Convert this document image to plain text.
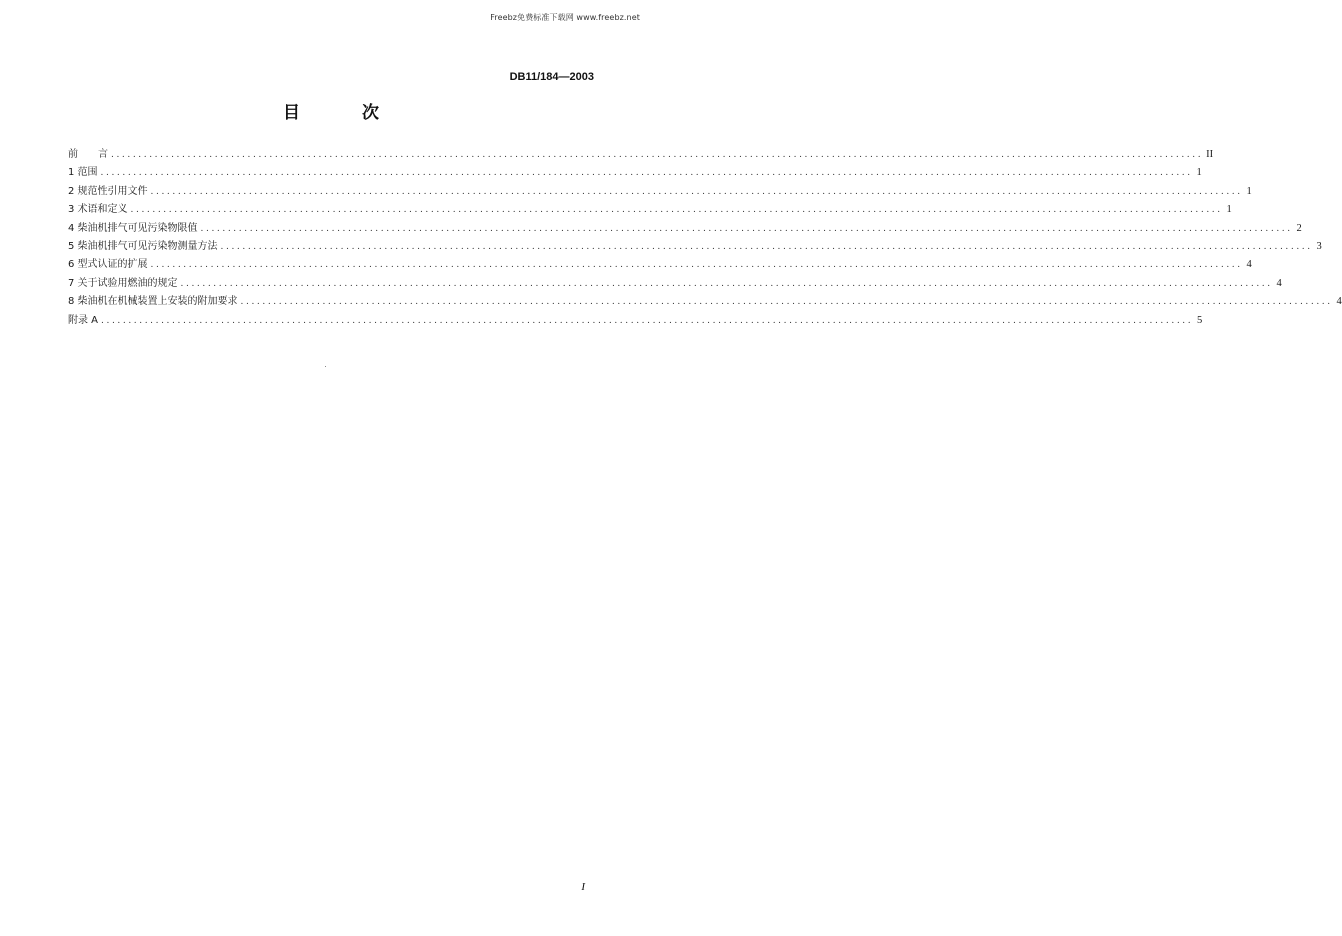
Freebz免费标准下载网 www.freebz.net
DB11/184—2003
目 次
前　　言 ........................................................................................................................................................................................................ II
1 范围 ........................................................................................................................................................................................................ 1
2 规范性引用文件 ........................................................................................................................................................................................................ 1
3 术语和定义 ........................................................................................................................................................................................................ 1
4 柴油机排气可见污染物限值 ........................................................................................................................................................................................................ 2
5 柴油机排气可见污染物测量方法 ........................................................................................................................................................................................................ 3
6 型式认证的扩展 ........................................................................................................................................................................................................ 4
7 关于试验用燃油的规定 ........................................................................................................................................................................................................ 4
8 柴油机在机械装置上安装的附加要求 ........................................................................................................................................................................................................ 4
附录 A ........................................................................................................................................................................................................ 5
I
